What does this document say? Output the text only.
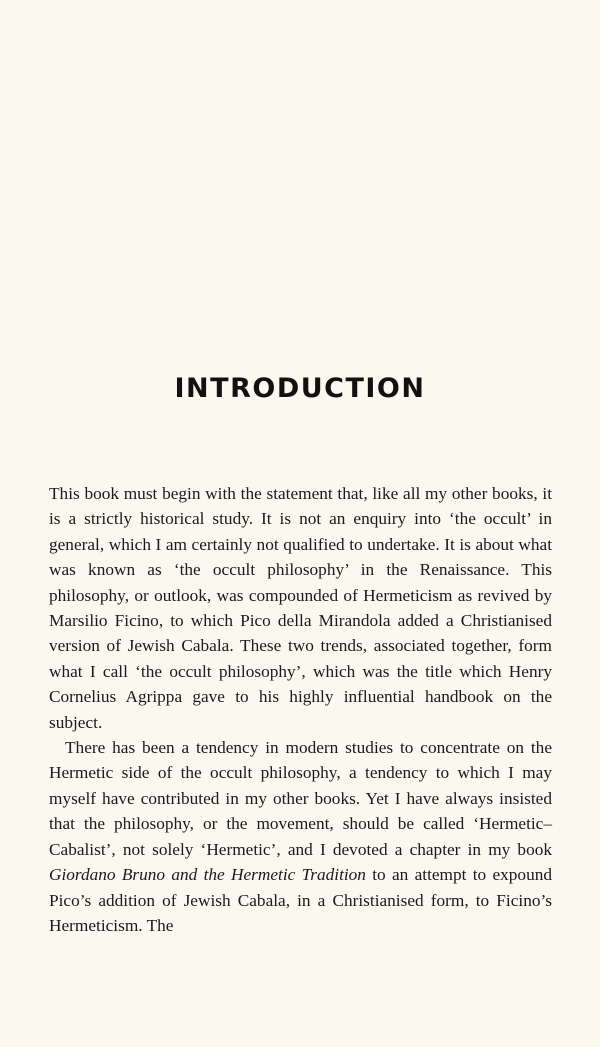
INTRODUCTION

This book must begin with the statement that, like all my other books, it is a strictly historical study. It is not an enquiry into ‘the occult’ in general, which I am certainly not qualified to undertake. It is about what was known as ‘the occult philosophy’ in the Renaissance. This philosophy, or outlook, was compounded of Hermeticism as revived by Marsilio Ficino, to which Pico della Mirandola added a Christianised version of Jewish Cabala. These two trends, associated together, form what I call ‘the occult philosophy’, which was the title which Henry Cornelius Agrippa gave to his highly influential handbook on the subject.

There has been a tendency in modern studies to concentrate on the Hermetic side of the occult philosophy, a tendency to which I may myself have contributed in my other books. Yet I have always insisted that the philosophy, or the movement, should be called ‘Hermetic–Cabalist’, not solely ‘Hermetic’, and I devoted a chapter in my book Giordano Bruno and the Hermetic Tradition to an attempt to expound Pico’s addition of Jewish Cabala, in a Christianised form, to Ficino’s Hermeticism. The
